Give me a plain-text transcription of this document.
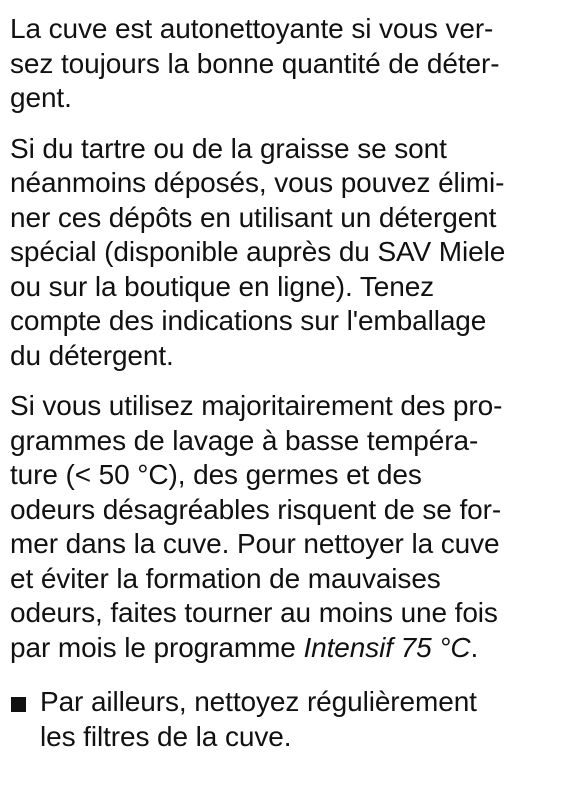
La cuve est autonettoyante si vous ver-
sez toujours la bonne quantité de déter-
gent.

Si du tartre ou de la graisse se sont
néanmoins déposés, vous pouvez élimi-
ner ces dépôts en utilisant un détergent
spécial (disponible auprès du SAV Miele
ou sur la boutique en ligne). Tenez
compte des indications sur l'emballage
du détergent.

Si vous utilisez majoritairement des pro-
grammes de lavage à basse tempéra-
ture (< 50 °C), des germes et des
odeurs désagréables risquent de se for-
mer dans la cuve. Pour nettoyer la cuve
et éviter la formation de mauvaises
odeurs, faites tourner au moins une fois
par mois le programme Intensif 75 °C.

Par ailleurs, nettoyez régulièrement
les filtres de la cuve.
